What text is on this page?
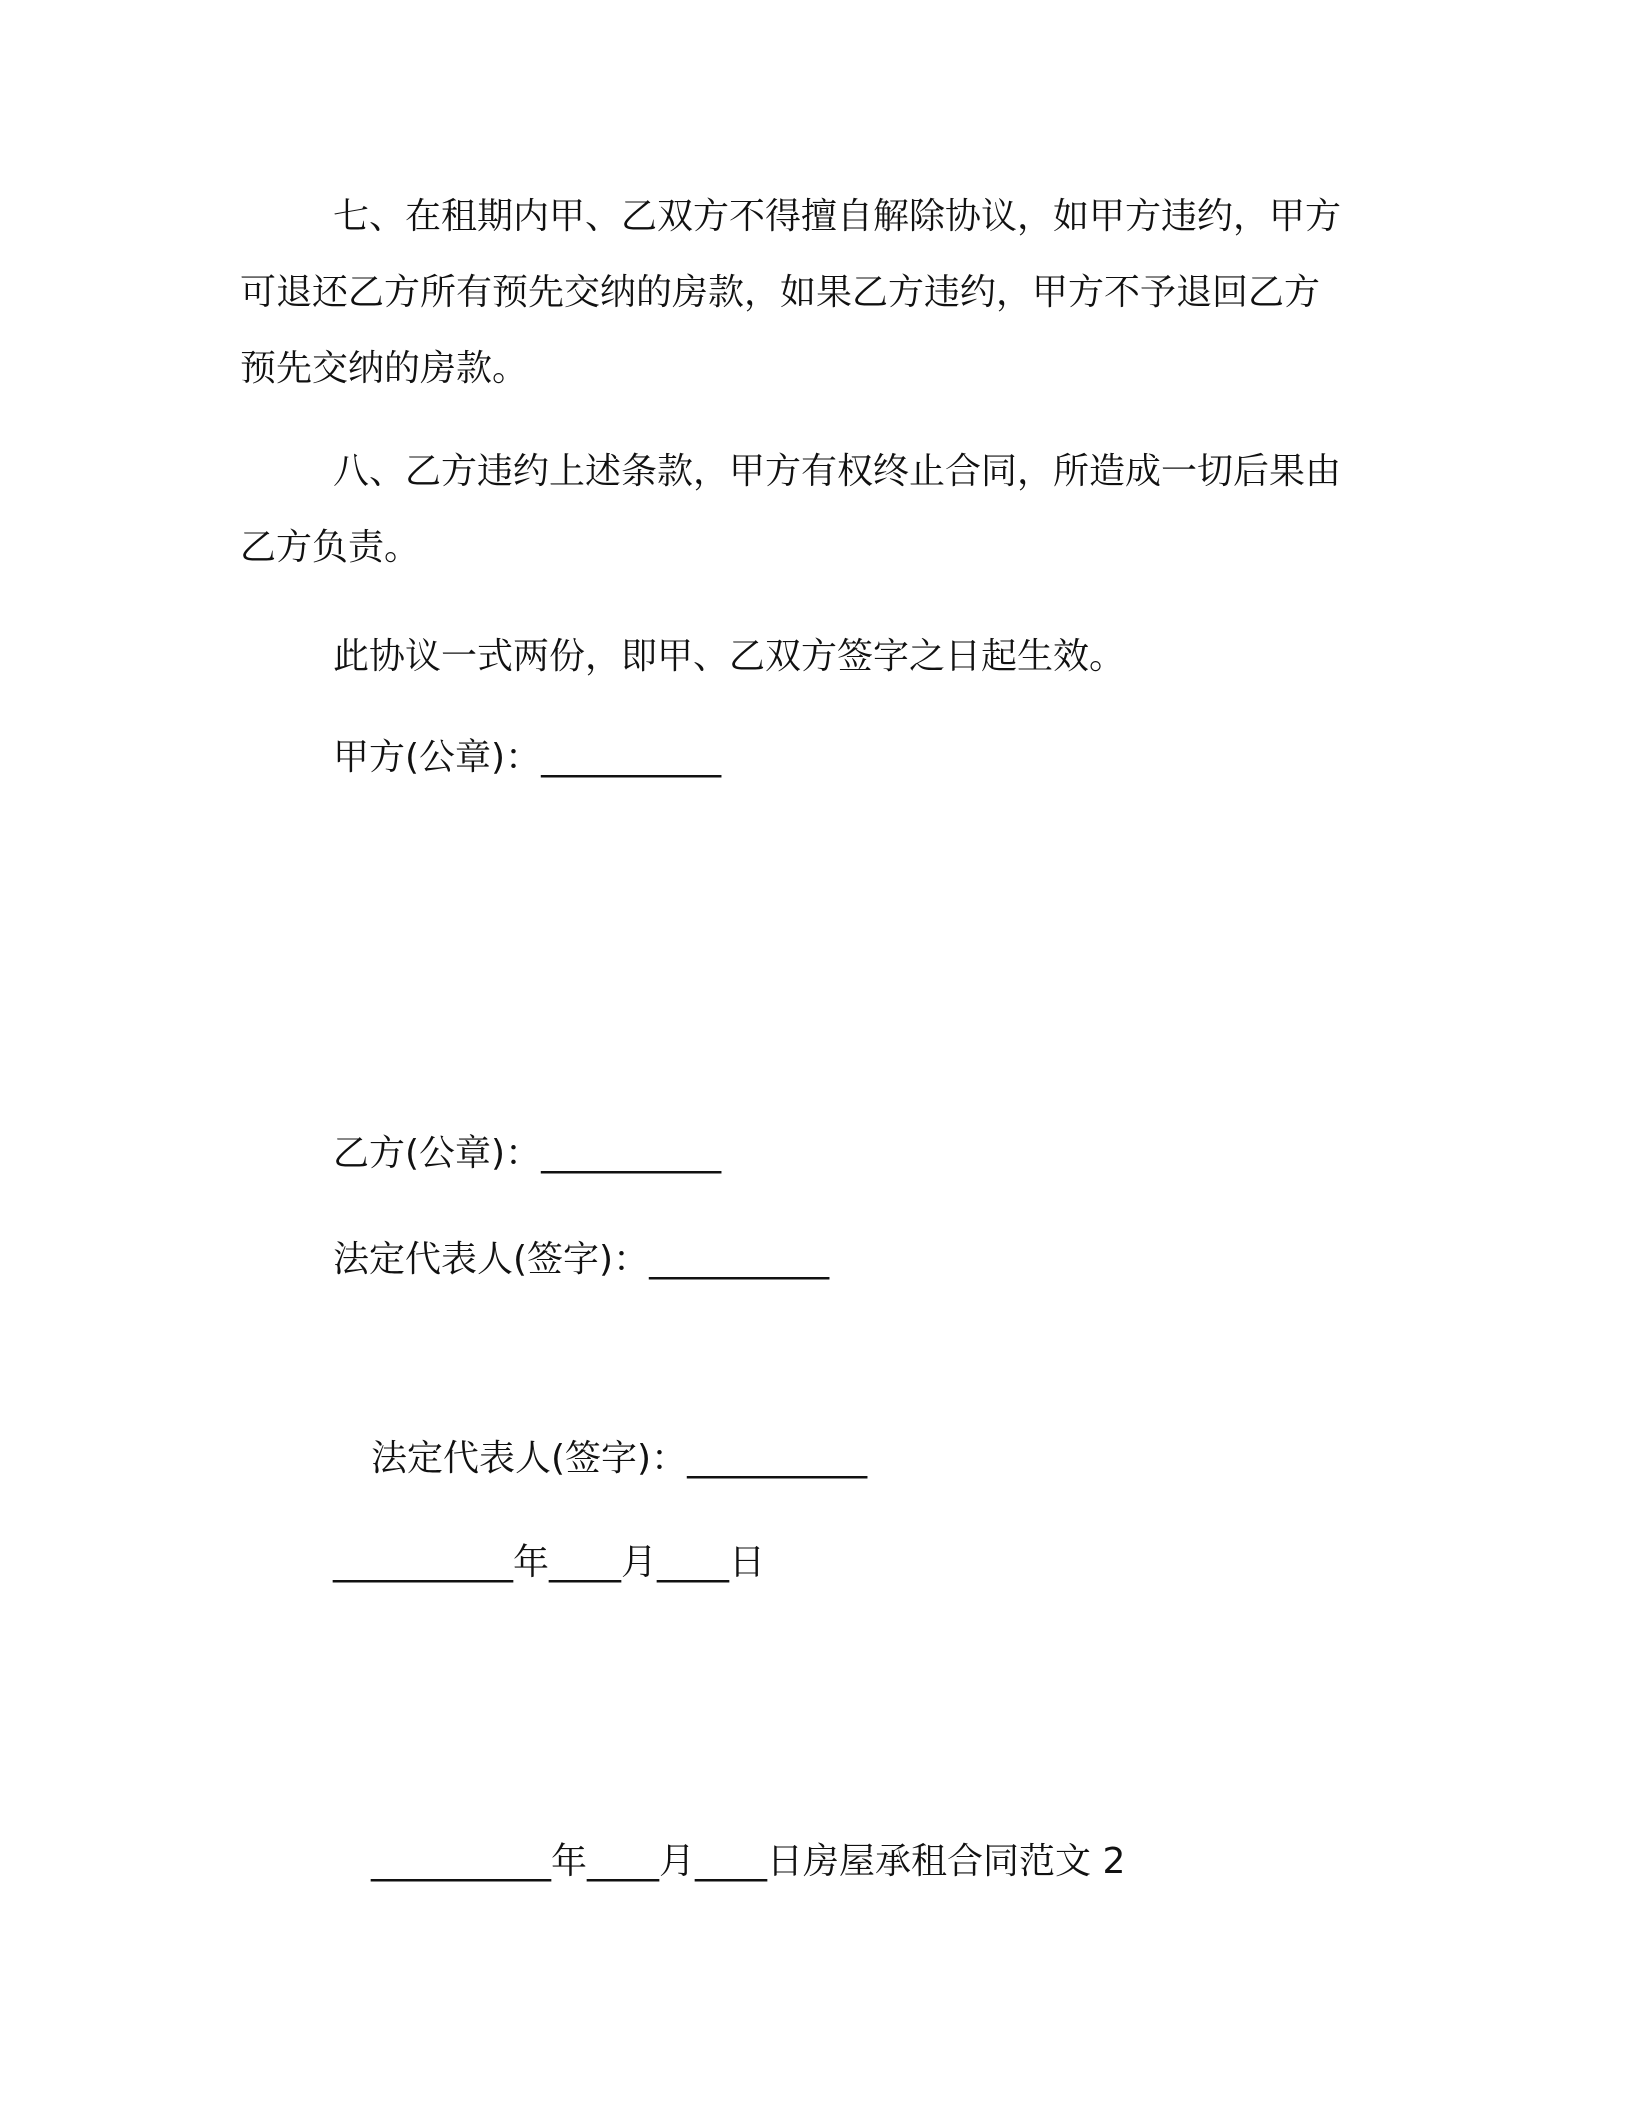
七、在租期内甲、乙双方不得擅自解除协议，如甲方违约，甲方
可退还乙方所有预先交纳的房款，如果乙方违约，甲方不予退回乙方
预先交纳的房款。
八、乙方违约上述条款，甲方有权终止合同，所造成一切后果由
乙方负责。
此协议一式两份，即甲、乙双方签字之日起生效。
甲方(公章)：__________
乙方(公章)：__________
法定代表人(签字)：__________
法定代表人(签字)：__________
__________年____月____日
__________年____月____日房屋承租合同范文 2
